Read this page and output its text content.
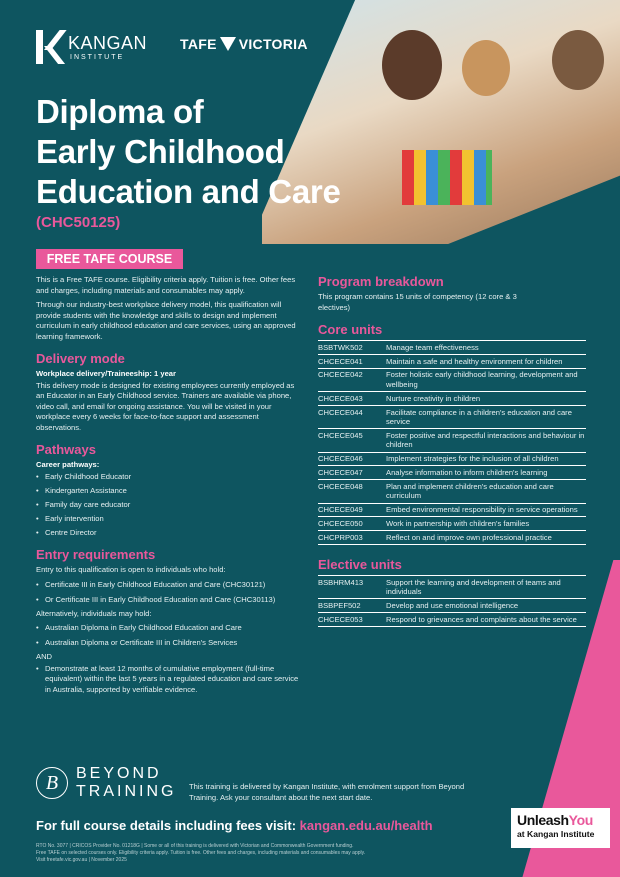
KANGAN
INSTITUTE
TAFE VICTORIA
Diploma of
Early Childhood
Education and Care
(CHC50125)
FREE TAFE COURSE

This is a Free TAFE course. Eligibility criteria apply. Tuition is free. Other fees and charges, including materials and consumables may apply.

Through our industry-best workplace delivery model, this qualification will provide students with the knowledge and skills to design and implement curriculum in early childhood education and care services, using an approved learning framework.

Delivery mode
Workplace delivery/Traineeship: 1 year

This delivery mode is designed for existing employees currently employed as an Educator in an Early Childhood service. Trainers are available via phone, video call, and email for ongoing assistance. You will be visited in your workplace every 6 weeks for face-to-face support and assessment observations.

Pathways
Career pathways:
• Early Childhood Educator
• Kindergarten Assistance
• Family day care educator
• Early intervention
• Centre Director
Entry requirements

Entry to this qualification is open to individuals who hold:

• Certificate III in Early Childhood Education and Care (CHC30121)
• Or Certificate III in Early Childhood Education and Care (CHC30113)

Alternatively, individuals may hold:

• Australian Diploma in Early Childhood Education and Care
• Australian Diploma or Certificate III in Children's Services
AND
• Demonstrate at least 12 months of cumulative employment (full-time equivalent) within the last 5 years in a regulated education and care service in Australia, supported by verifiable evidence.
Program breakdown

This program contains 15 units of competency (12 core & 3 electives)

Core units
BSBTWK502	Manage team effectiveness
CHCECE041	Maintain a safe and healthy environment for children
CHCECE042	Foster holistic early childhood learning, development and wellbeing
CHCECE043	Nurture creativity in children
CHCECE044	Facilitate compliance in a children's education and care service
CHCECE045	Foster positive and respectful interactions and behaviour in children
CHCECE046	Implement strategies for the inclusion of all children
CHCECE047	Analyse information to inform children's learning
CHCECE048	Plan and implement children's education and care curriculum
CHCECE049	Embed environmental responsibility in service operations
CHCECE050	Work in partnership with children's families
CHCPRP003	Reflect on and improve own professional practice
Elective units
BSBHRM413	Support the learning and development of teams and individuals
BSBPEF502	Develop and use emotional intelligence
CHCECE053	Respond to grievances and complaints about the service
B	BEYOND
TRAINING This training is delivered by Kangan Institute, with enrolment support from Beyond Training. Ask your consultant about the next start date.

For full course details including fees visit: kangan.edu.au/health
RTO No. 3077 | CRICOS Provider No. 01218G | Some or all of this training is delivered with Victorian and Commonwealth Government funding.
Free TAFE on selected courses only. Eligibility criteria apply. Tuition is free. Other fees and charges, including materials and consumables may apply.
Visit freetafe.vic.gov.au | November 2025
UnleashYou
at Kangan Institute
